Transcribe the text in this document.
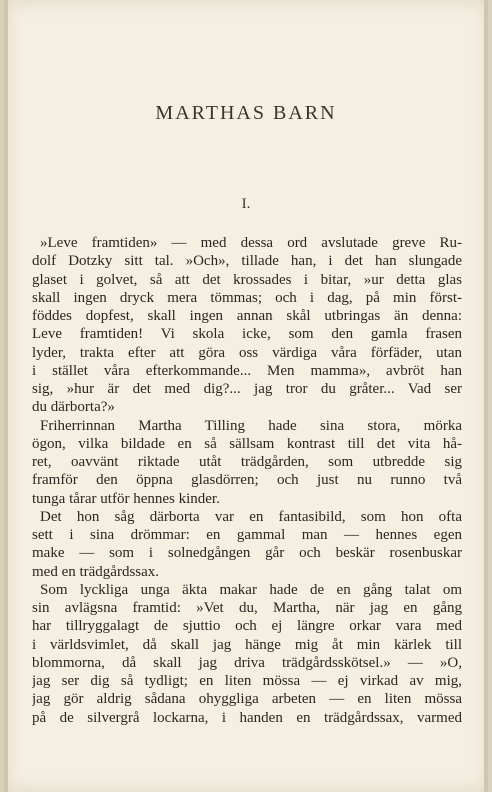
MARTHAS BARN
I.
»Leve framtiden» — med dessa ord avslutade greve Ru-
dolf Dotzky sitt tal. »Och», tillade han, i det han slungade
glaset i golvet, så att det krossades i bitar, »ur detta glas
skall ingen dryck mera tömmas; och i dag, på min först-
föddes dopfest, skall ingen annan skål utbringas än denna:
Leve framtiden! Vi skola icke, som den gamla frasen
lyder, trakta efter att göra oss värdiga våra förfäder, utan
i stället våra efterkommande... Men mamma», avbröt han
sig, »hur är det med dig?... jag tror du gråter... Vad ser
du därborta?»
Friherrinnan Martha Tilling hade sina stora, mörka
ögon, vilka bildade en så sällsam kontrast till det vita hå-
ret, oavvänt riktade utåt trädgården, som utbredde sig
framför den öppna glasdörren; och just nu runno två
tunga tårar utför hennes kinder.
Det hon såg därborta var en fantasibild, som hon ofta
sett i sina drömmar: en gammal man — hennes egen
make — som i solnedgången går och beskär rosenbuskar
med en trädgårdssax.
Som lyckliga unga äkta makar hade de en gång talat om
sin avlägsna framtid: »Vet du, Martha, när jag en gång
har tillryggalagt de sjuttio och ej längre orkar vara med
i världsvimlet, då skall jag hänge mig åt min kärlek till
blommorna, då skall jag driva trädgårdsskötsel.» — »O,
jag ser dig så tydligt; en liten mössa — ej virkad av mig,
jag gör aldrig sådana ohyggliga arbeten — en liten mössa
på de silvergrå lockarna, i handen en trädgårdssax, varmed
